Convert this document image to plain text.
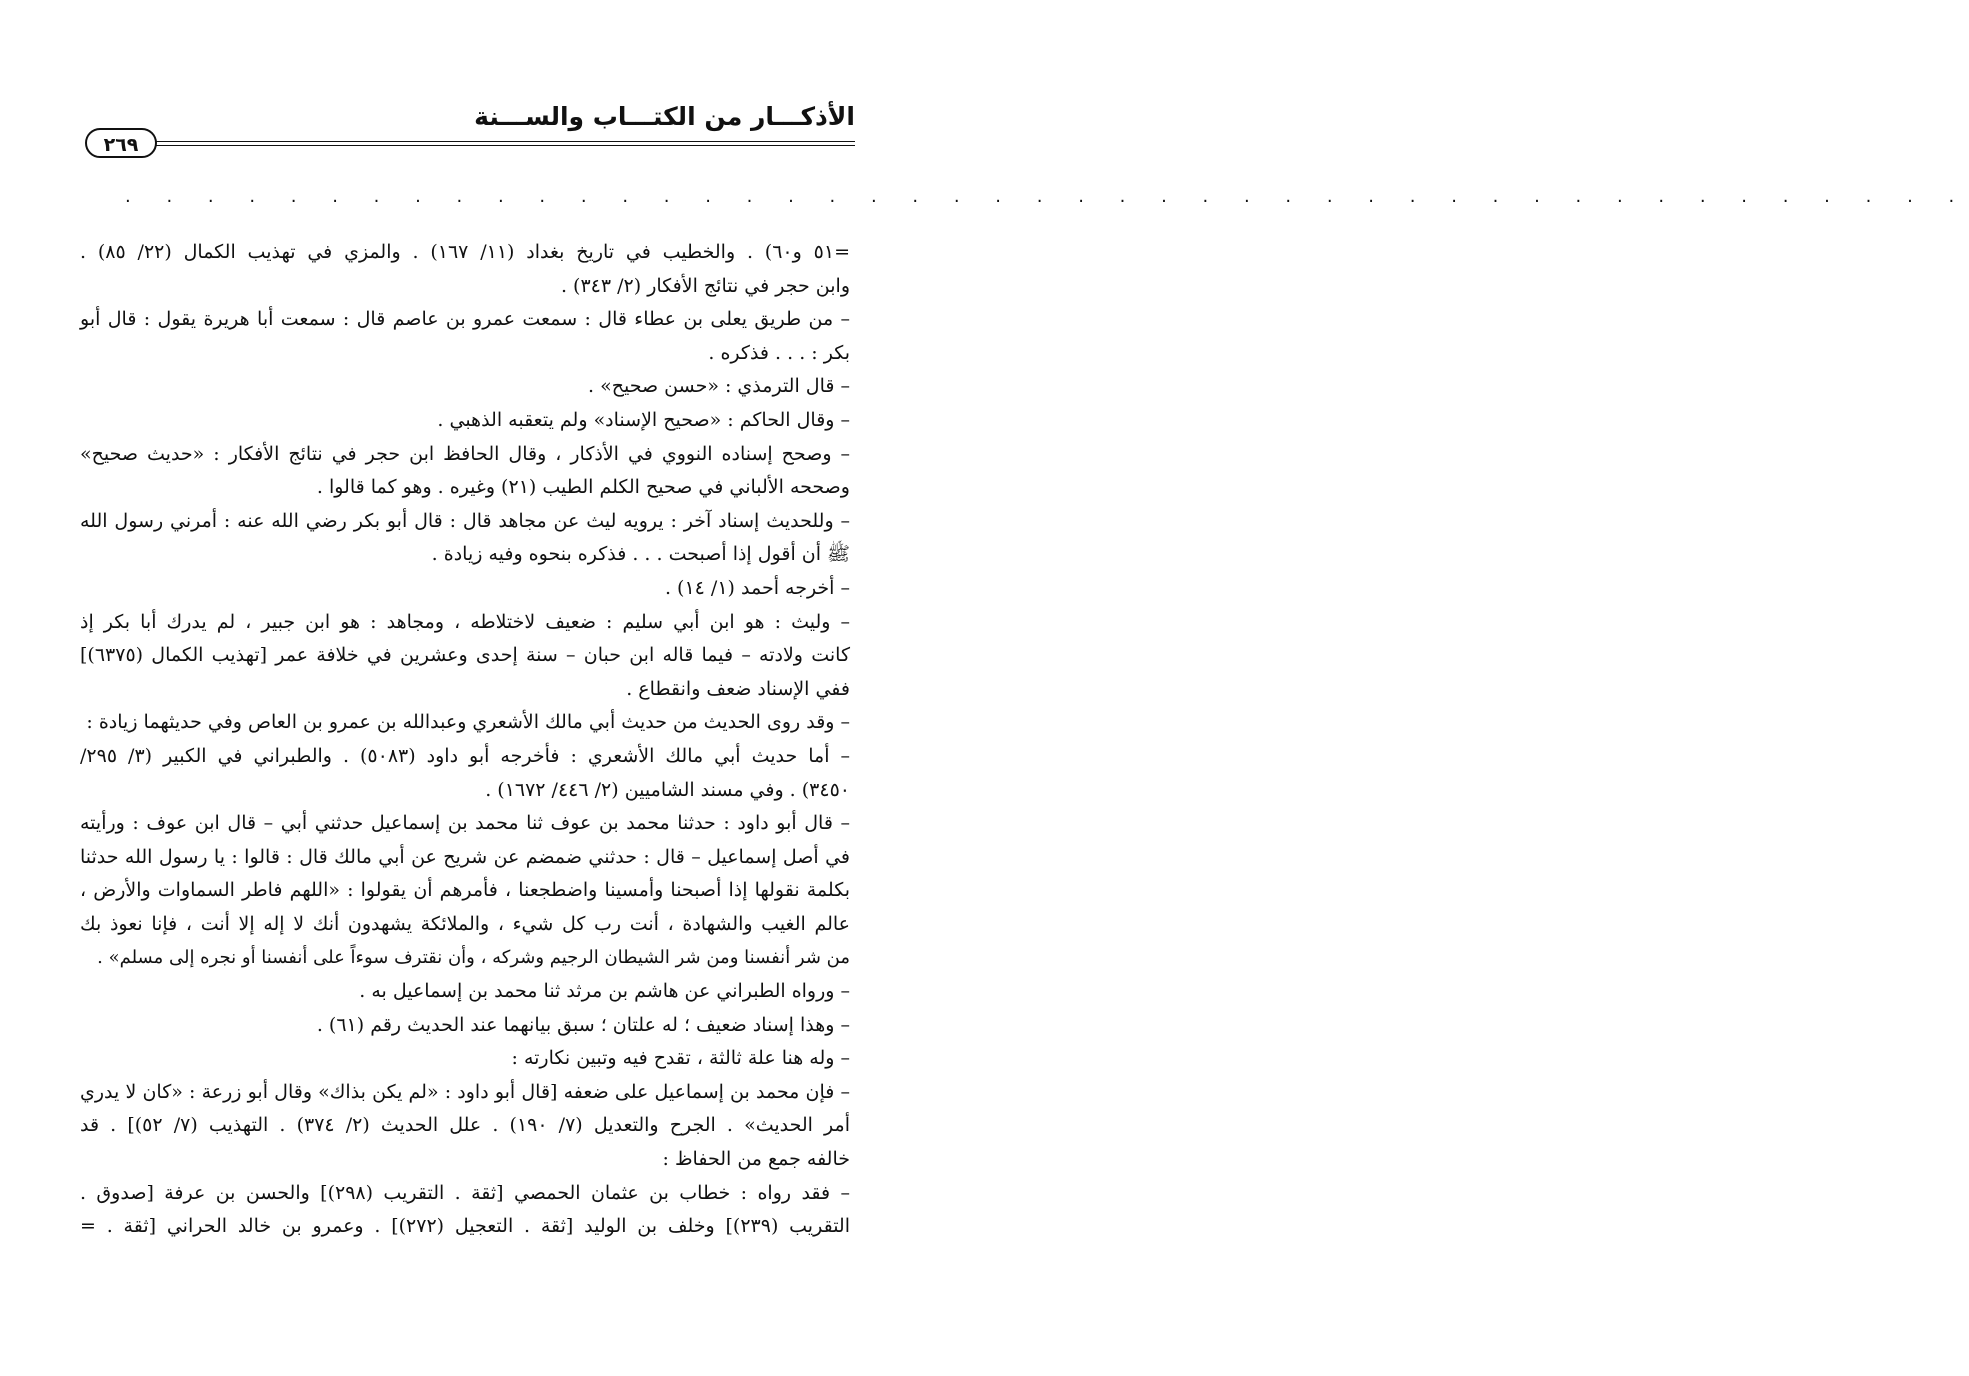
الأذكـــار من الكتـــاب والســـنة
٢٦٩
. . . . . . . . . . . . . . . . . . . . . . . . . . . . . . . . . . . . . . . . . . . . .
=٥١ و٦٠) . والخطيب في تاريخ بغداد (١١/ ١٦٧) . والمزي في تهذيب الكمال (٢٢/ ٨٥) .
وابن حجر في نتائج الأفكار (٢/ ٣٤٣) .
– من طريق يعلى بن عطاء قال : سمعت عمرو بن عاصم قال : سمعت أبا هريرة يقول : قال أبو
بكر : . . . فذكره .
– قال الترمذي : «حسن صحيح» .
– وقال الحاكم : «صحيح الإسناد» ولم يتعقبه الذهبي .
– وصحح إسناده النووي في الأذكار ، وقال الحافظ ابن حجر في نتائج الأفكار : «حديث صحيح»
وصححه الألباني في صحيح الكلم الطيب (٢١) وغيره . وهو كما قالوا .
– وللحديث إسناد آخر : يرويه ليث عن مجاهد قال : قال أبو بكر رضي الله عنه : أمرني رسول الله
ﷺ أن أقول إذا أصبحت . . . فذكره بنحوه وفيه زيادة .
– أخرجه أحمد (١/ ١٤) .
– وليث : هو ابن أبي سليم : ضعيف لاختلاطه ، ومجاهد : هو ابن جبير ، لم يدرك أبا بكر إذ
كانت ولادته – فيما قاله ابن حبان – سنة إحدى وعشرين في خلافة عمر [تهذيب الكمال (٦٣٧٥)]
ففي الإسناد ضعف وانقطاع .
– وقد روى الحديث من حديث أبي مالك الأشعري وعبدالله بن عمرو بن العاص وفي حديثهما زيادة :
– أما حديث أبي مالك الأشعري : فأخرجه أبو داود (٥٠٨٣) . والطبراني في الكبير (٣/ ٢٩٥/
٣٤٥٠) . وفي مسند الشاميين (٢/ ٤٤٦/ ١٦٧٢) .
– قال أبو داود : حدثنا محمد بن عوف ثنا محمد بن إسماعيل حدثني أبي – قال ابن عوف : ورأيته
في أصل إسماعيل – قال : حدثني ضمضم عن شريح عن أبي مالك قال : قالوا : يا رسول الله حدثنا
بكلمة نقولها إذا أصبحنا وأمسينا واضطجعنا ، فأمرهم أن يقولوا : «اللهم فاطر السماوات والأرض ،
عالم الغيب والشهادة ، أنت رب كل شيء ، والملائكة يشهدون أنك لا إله إلا أنت ، فإنا نعوذ بك
من شر أنفسنا ومن شر الشيطان الرجيم وشركه ، وأن نقترف سوءاً على أنفسنا أو نجره إلى مسلم» .
– ورواه الطبراني عن هاشم بن مرثد ثنا محمد بن إسماعيل به .
– وهذا إسناد ضعيف ؛ له علتان ؛ سبق بيانهما عند الحديث رقم (٦١) .
– وله هنا علة ثالثة ، تقدح فيه وتبين نكارته :
– فإن محمد بن إسماعيل على ضعفه [قال أبو داود : «لم يكن بذاك» وقال أبو زرعة : «كان لا يدري
أمر الحديث» . الجرح والتعديل (٧/ ١٩٠) . علل الحديث (٢/ ٣٧٤) . التهذيب (٧/ ٥٢)] . قد
خالفه جمع من الحفاظ :
– فقد رواه : خطاب بن عثمان الحمصي [ثقة . التقريب (٢٩٨)] والحسن بن عرفة [صدوق .
التقريب (٢٣٩)] وخلف بن الوليد [ثقة . التعجيل (٢٧٢)] . وعمرو بن خالد الحراني [ثقة . =
